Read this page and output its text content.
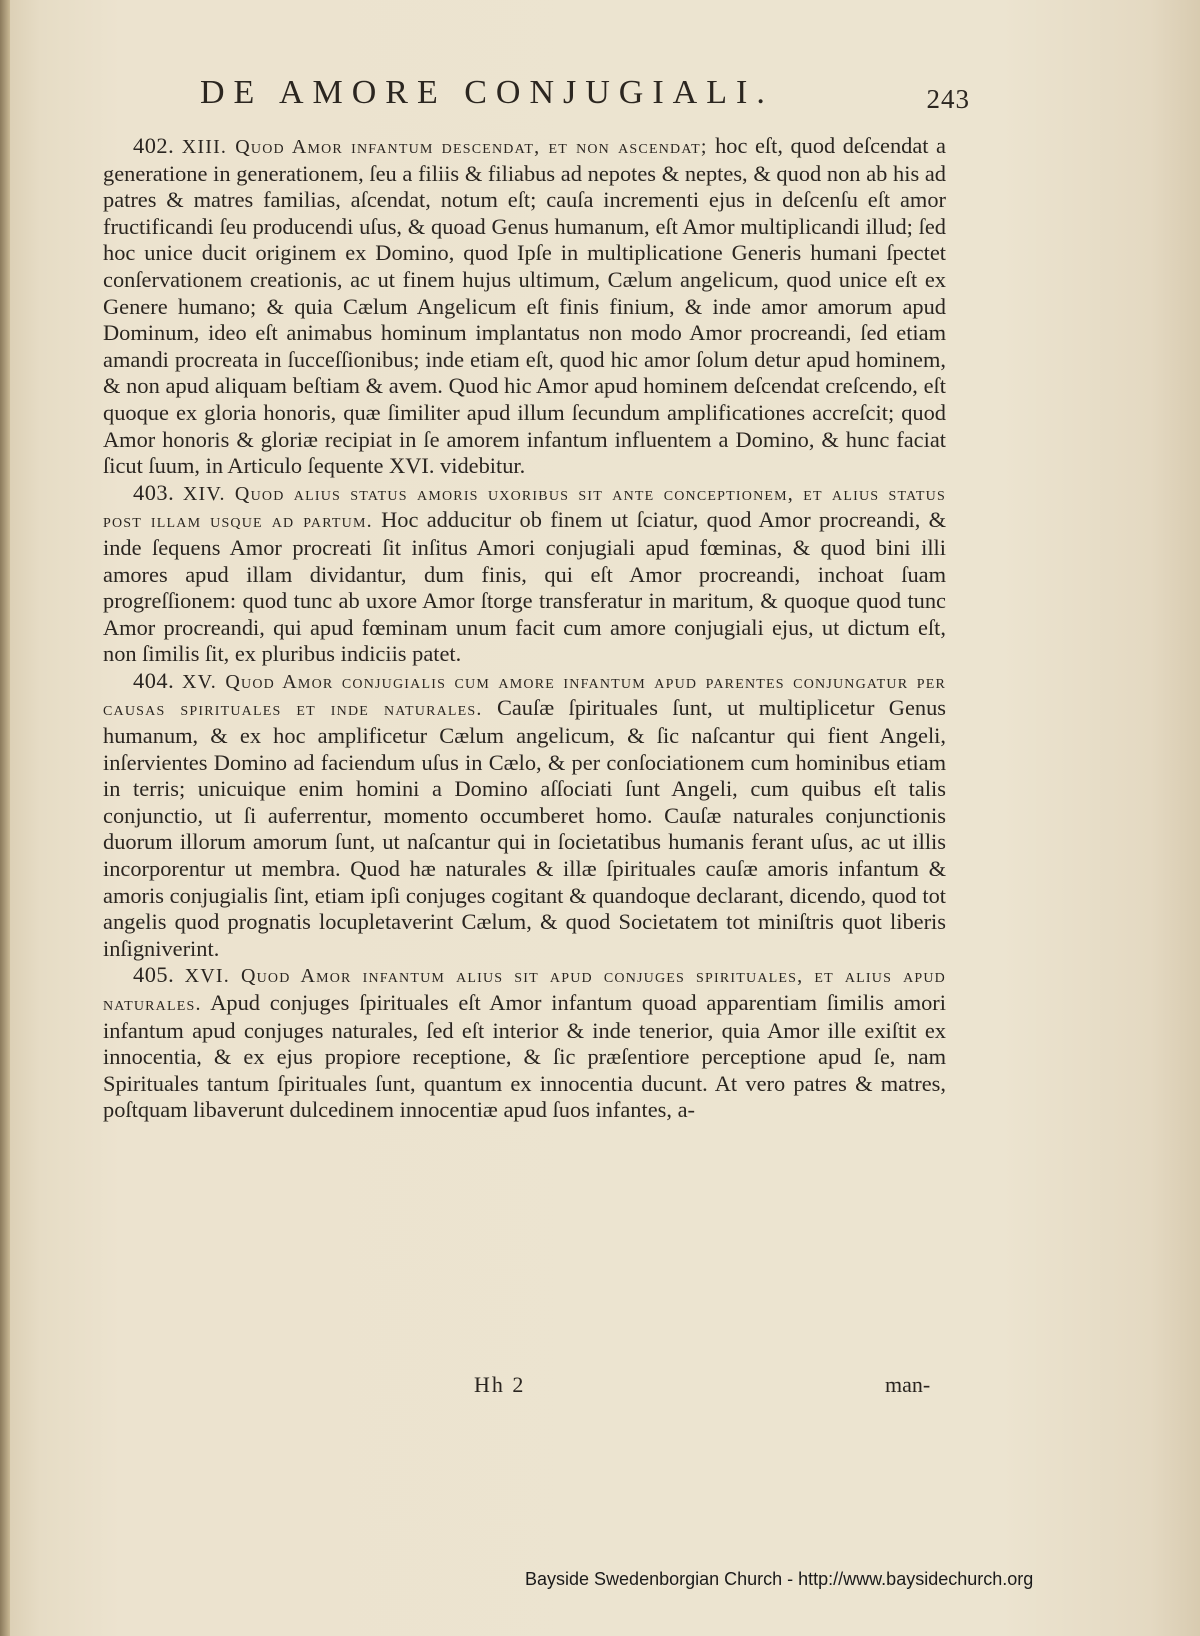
DE AMORE CONJUGIALI.	243

402. XIII. Quod Amor infantum descendat, et non ascendat; hoc eſt, quod deſcendat a generatione in generationem, ſeu a filiis & filiabus ad nepotes & neptes, & quod non ab his ad patres & matres familias, aſcendat, notum eſt; cauſa incrementi ejus in deſcenſu eſt amor fructificandi ſeu producendi uſus, & quoad Genus humanum, eſt Amor multiplicandi illud; ſed hoc unice ducit originem ex Domino, quod Ipſe in multiplicatione Generis humani ſpectet conſervationem creationis, ac ut finem hujus ultimum, Cælum angelicum, quod unice eſt ex Genere humano; & quia Cælum Angelicum eſt finis finium, & inde amor amorum apud Dominum, ideo eſt animabus hominum implantatus non modo Amor procreandi, ſed etiam amandi procreata in ſucceſſionibus; inde etiam eſt, quod hic amor ſolum detur apud hominem, & non apud aliquam beſtiam & avem. Quod hic Amor apud hominem deſcendat creſcendo, eſt quoque ex gloria honoris, quæ ſimiliter apud illum ſecundum amplificationes accreſcit; quod Amor honoris & gloriæ recipiat in ſe amorem infantum influentem a Domino, & hunc faciat ſicut ſuum, in Articulo ſequente XVI. videbitur.

403. XIV. Quod alius status amoris uxoribus sit ante conceptionem, et alius status post illam usque ad partum. Hoc adducitur ob finem ut ſciatur, quod Amor procreandi, & inde ſequens Amor procreati ſit inſitus Amori conjugiali apud fœminas, & quod bini illi amores apud illam dividantur, dum finis, qui eſt Amor procreandi, inchoat ſuam progreſſionem: quod tunc ab uxore Amor ſtorge transferatur in maritum, & quoque quod tunc Amor procreandi, qui apud fœminam unum facit cum amore conjugiali ejus, ut dictum eſt, non ſimilis ſit, ex pluribus indiciis patet.

404. XV. Quod Amor conjugialis cum amore infantum apud parentes conjungatur per causas spirituales et inde naturales. Cauſæ ſpirituales ſunt, ut multiplicetur Genus humanum, & ex hoc amplificetur Cælum angelicum, & ſic naſcantur qui fient Angeli, inſervientes Domino ad faciendum uſus in Cælo, & per conſociationem cum hominibus etiam in terris; unicuique enim homini a Domino aſſociati ſunt Angeli, cum quibus eſt talis conjunctio, ut ſi auferrentur, momento occumberet homo. Cauſæ naturales conjunctionis duorum illorum amorum ſunt, ut naſcantur qui in ſocietatibus humanis ferant uſus, ac ut illis incorporentur ut membra. Quod hæ naturales & illæ ſpirituales cauſæ amoris infantum & amoris conjugialis ſint, etiam ipſi conjuges cogitant & quandoque declarant, dicendo, quod tot angelis quod prognatis locupletaverint Cælum, & quod Societatem tot miniſtris quot liberis inſigniverint.

405. XVI. Quod Amor infantum alius sit apud conjuges spirituales, et alius apud naturales. Apud conjuges ſpirituales eſt Amor infantum quoad apparentiam ſimilis amori infantum apud conjuges naturales, ſed eſt interior & inde tenerior, quia Amor ille exiſtit ex innocentia, & ex ejus propiore receptione, & ſic præſentiore perceptione apud ſe, nam Spirituales tantum ſpirituales ſunt, quantum ex innocentia ducunt. At vero patres & matres, poſtquam libaverunt dulcedinem innocentiæ apud ſuos infantes, a-

Hh 2	man-
Bayside Swedenborgian Church - http://www.baysidechurch.org
